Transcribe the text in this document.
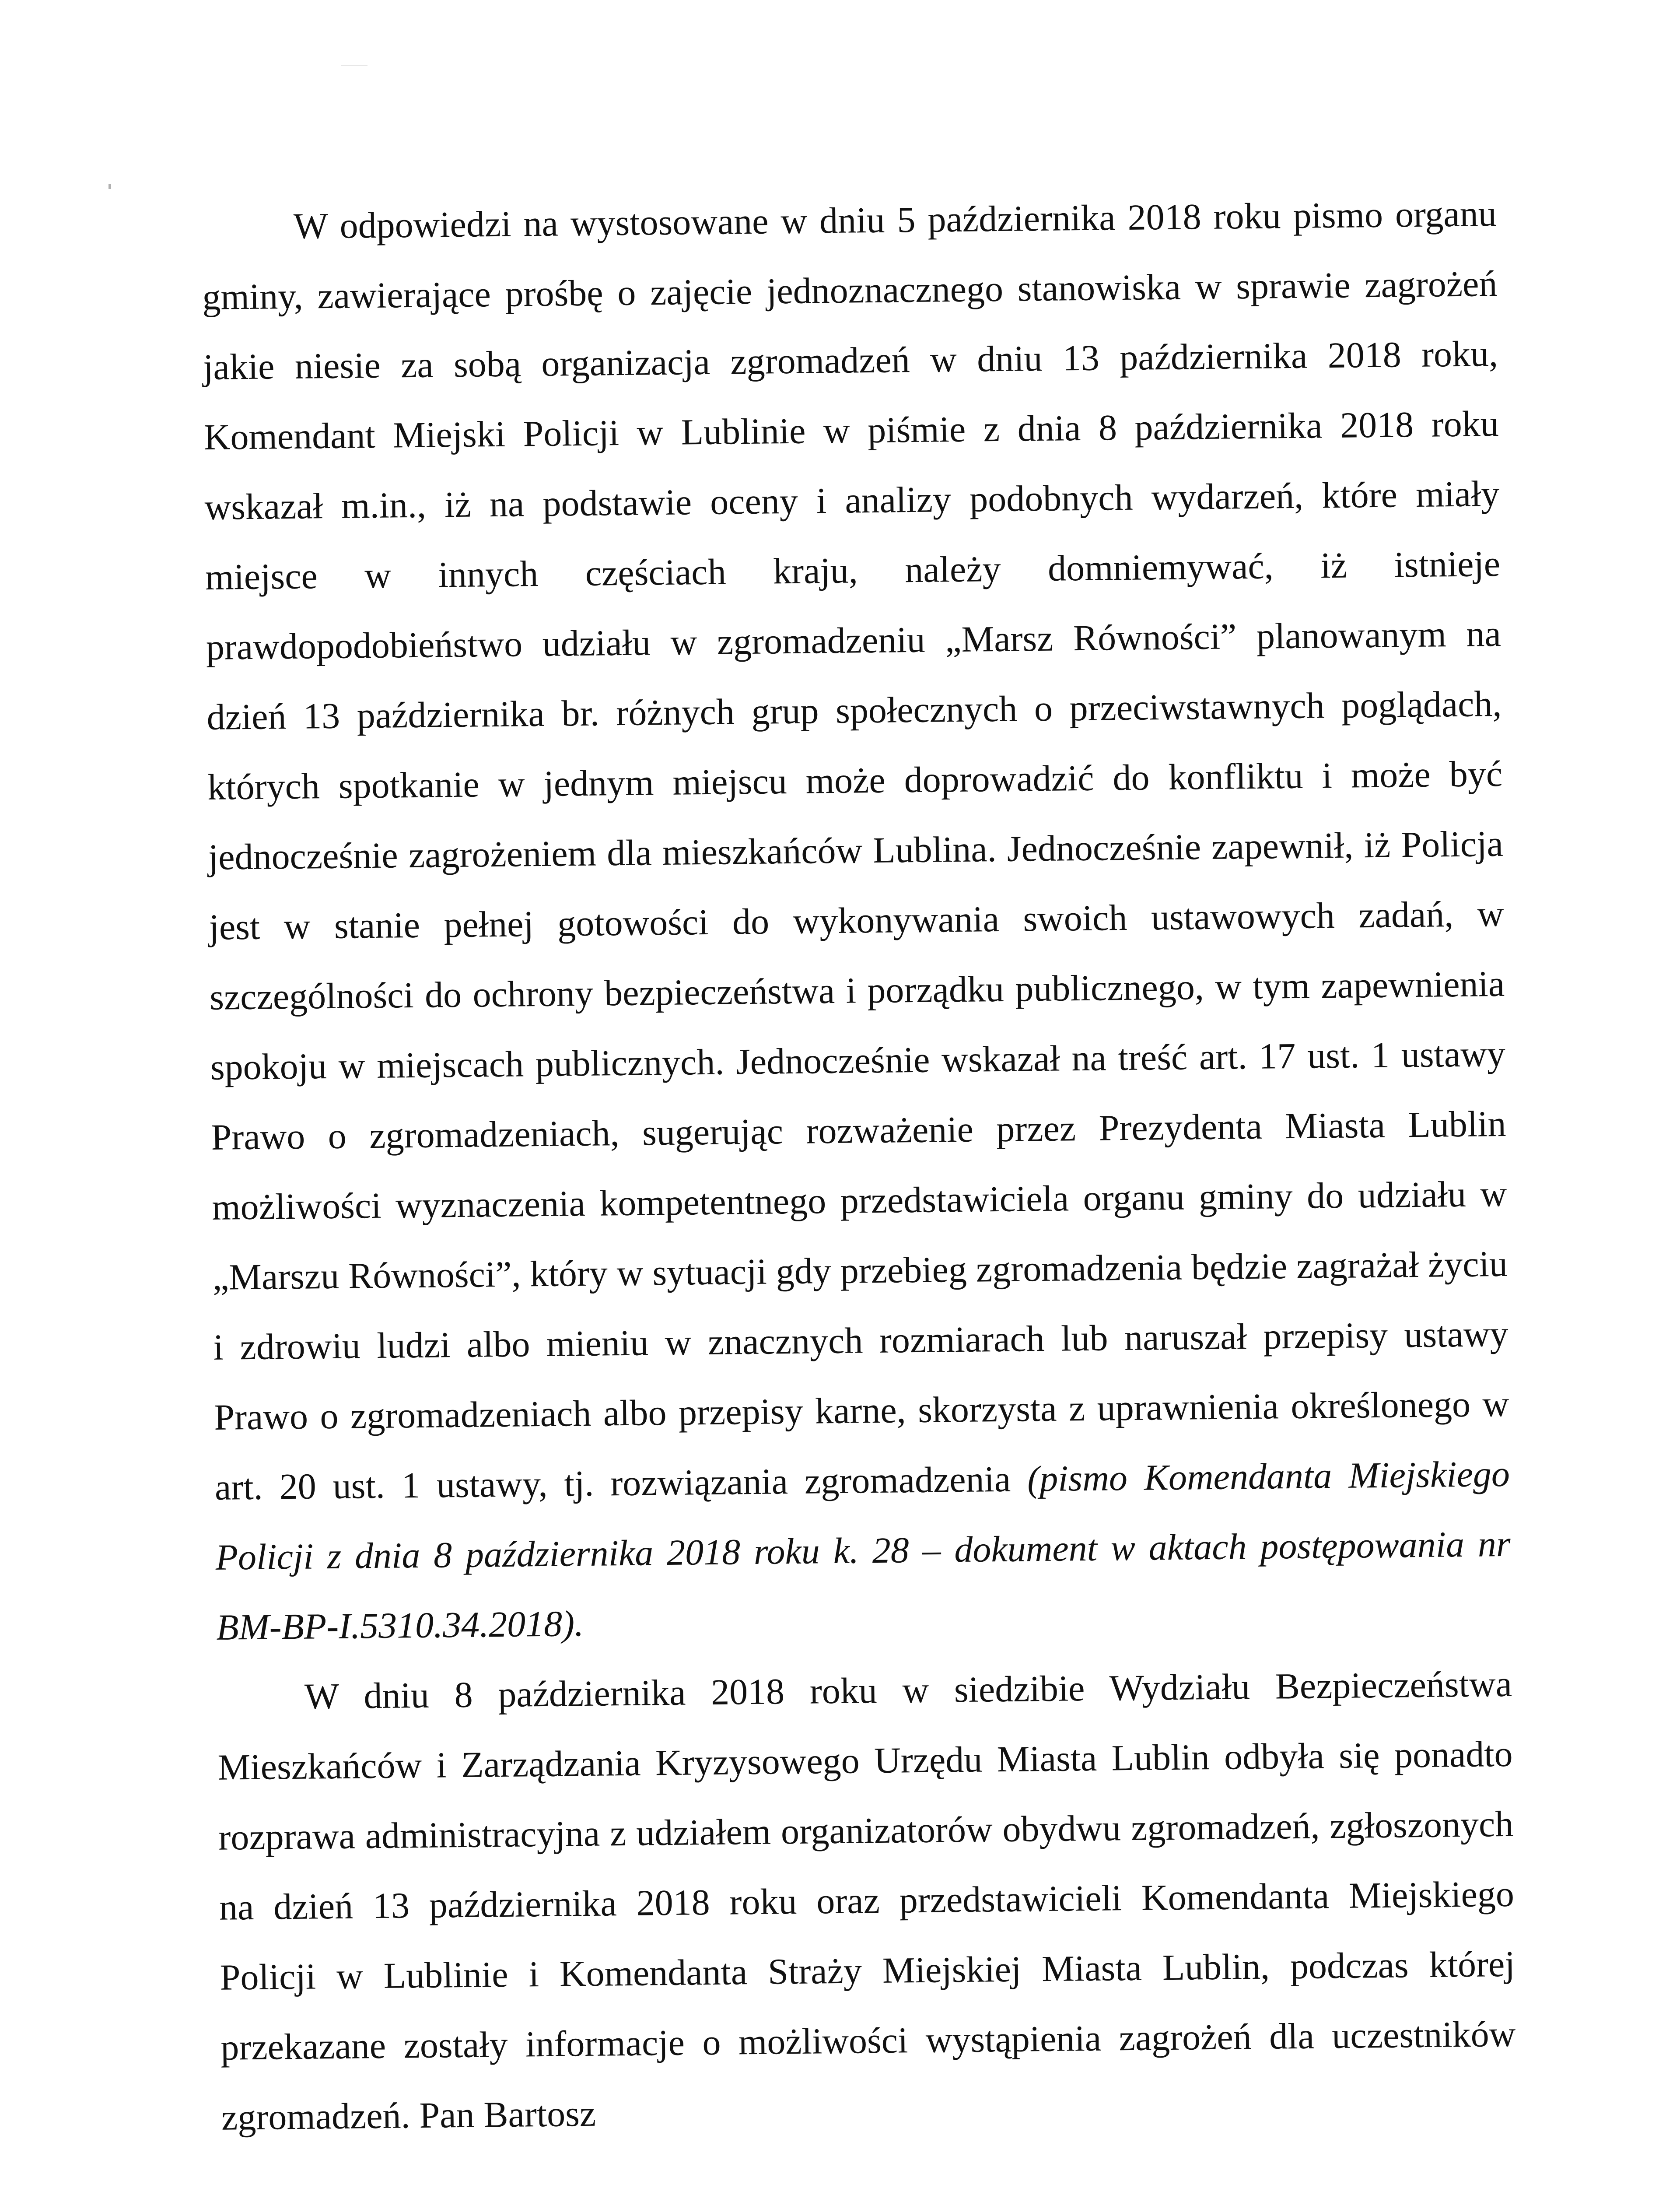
W odpowiedzi na wystosowane w dniu 5 października 2018 roku pismo organu gminy, zawierające prośbę o zajęcie jednoznacznego stanowiska w sprawie zagrożeń jakie niesie za sobą organizacja zgromadzeń w dniu 13 października 2018 roku, Komendant Miejski Policji w Lublinie w piśmie z dnia 8 października 2018 roku wskazał m.in., iż na podstawie oceny i analizy podobnych wydarzeń, które miały miejsce w innych częściach kraju, należy domniemywać, iż istnieje prawdopodobieństwo udziału w zgromadzeniu „Marsz Równości” planowanym na dzień 13 października br. różnych grup społecznych o przeciwstawnych poglądach, których spotkanie w jednym miejscu może doprowadzić do konfliktu i może być jednocześnie zagrożeniem dla mieszkańców Lublina. Jednocześnie zapewnił, iż Policja jest w stanie pełnej gotowości do wykonywania swoich ustawowych zadań, w szczególności do ochrony bezpieczeństwa i porządku publicznego, w tym zapewnienia spokoju w miejscach publicznych. Jednocześnie wskazał na treść art. 17 ust. 1 ustawy Prawo o zgromadzeniach, sugerując rozważenie przez Prezydenta Miasta Lublin możliwości wyznaczenia kompetentnego przedstawiciela organu gminy do udziału w „Marszu Równości”, który w sytuacji gdy przebieg zgromadzenia będzie zagrażał życiu i zdrowiu ludzi albo mieniu w znacznych rozmiarach lub naruszał przepisy ustawy Prawo o zgromadzeniach albo przepisy karne, skorzysta z uprawnienia określonego w art. 20 ust. 1 ustawy, tj. rozwiązania zgromadzenia (pismo Komendanta Miejskiego Policji z dnia 8 października 2018 roku k. 28 – dokument w aktach postępowania nr BM-BP-I.5310.34.2018).

W dniu 8 października 2018 roku w siedzibie Wydziału Bezpieczeństwa Mieszkańców i Zarządzania Kryzysowego Urzędu Miasta Lublin odbyła się ponadto rozprawa administracyjna z udziałem organizatorów obydwu zgromadzeń, zgłoszonych na dzień 13 października 2018 roku oraz przedstawicieli Komendanta Miejskiego Policji w Lublinie i Komendanta Straży Miejskiej Miasta Lublin, podczas której przekazane zostały informacje o możliwości wystąpienia zagrożeń dla uczestników zgromadzeń. Pan Bartosz
